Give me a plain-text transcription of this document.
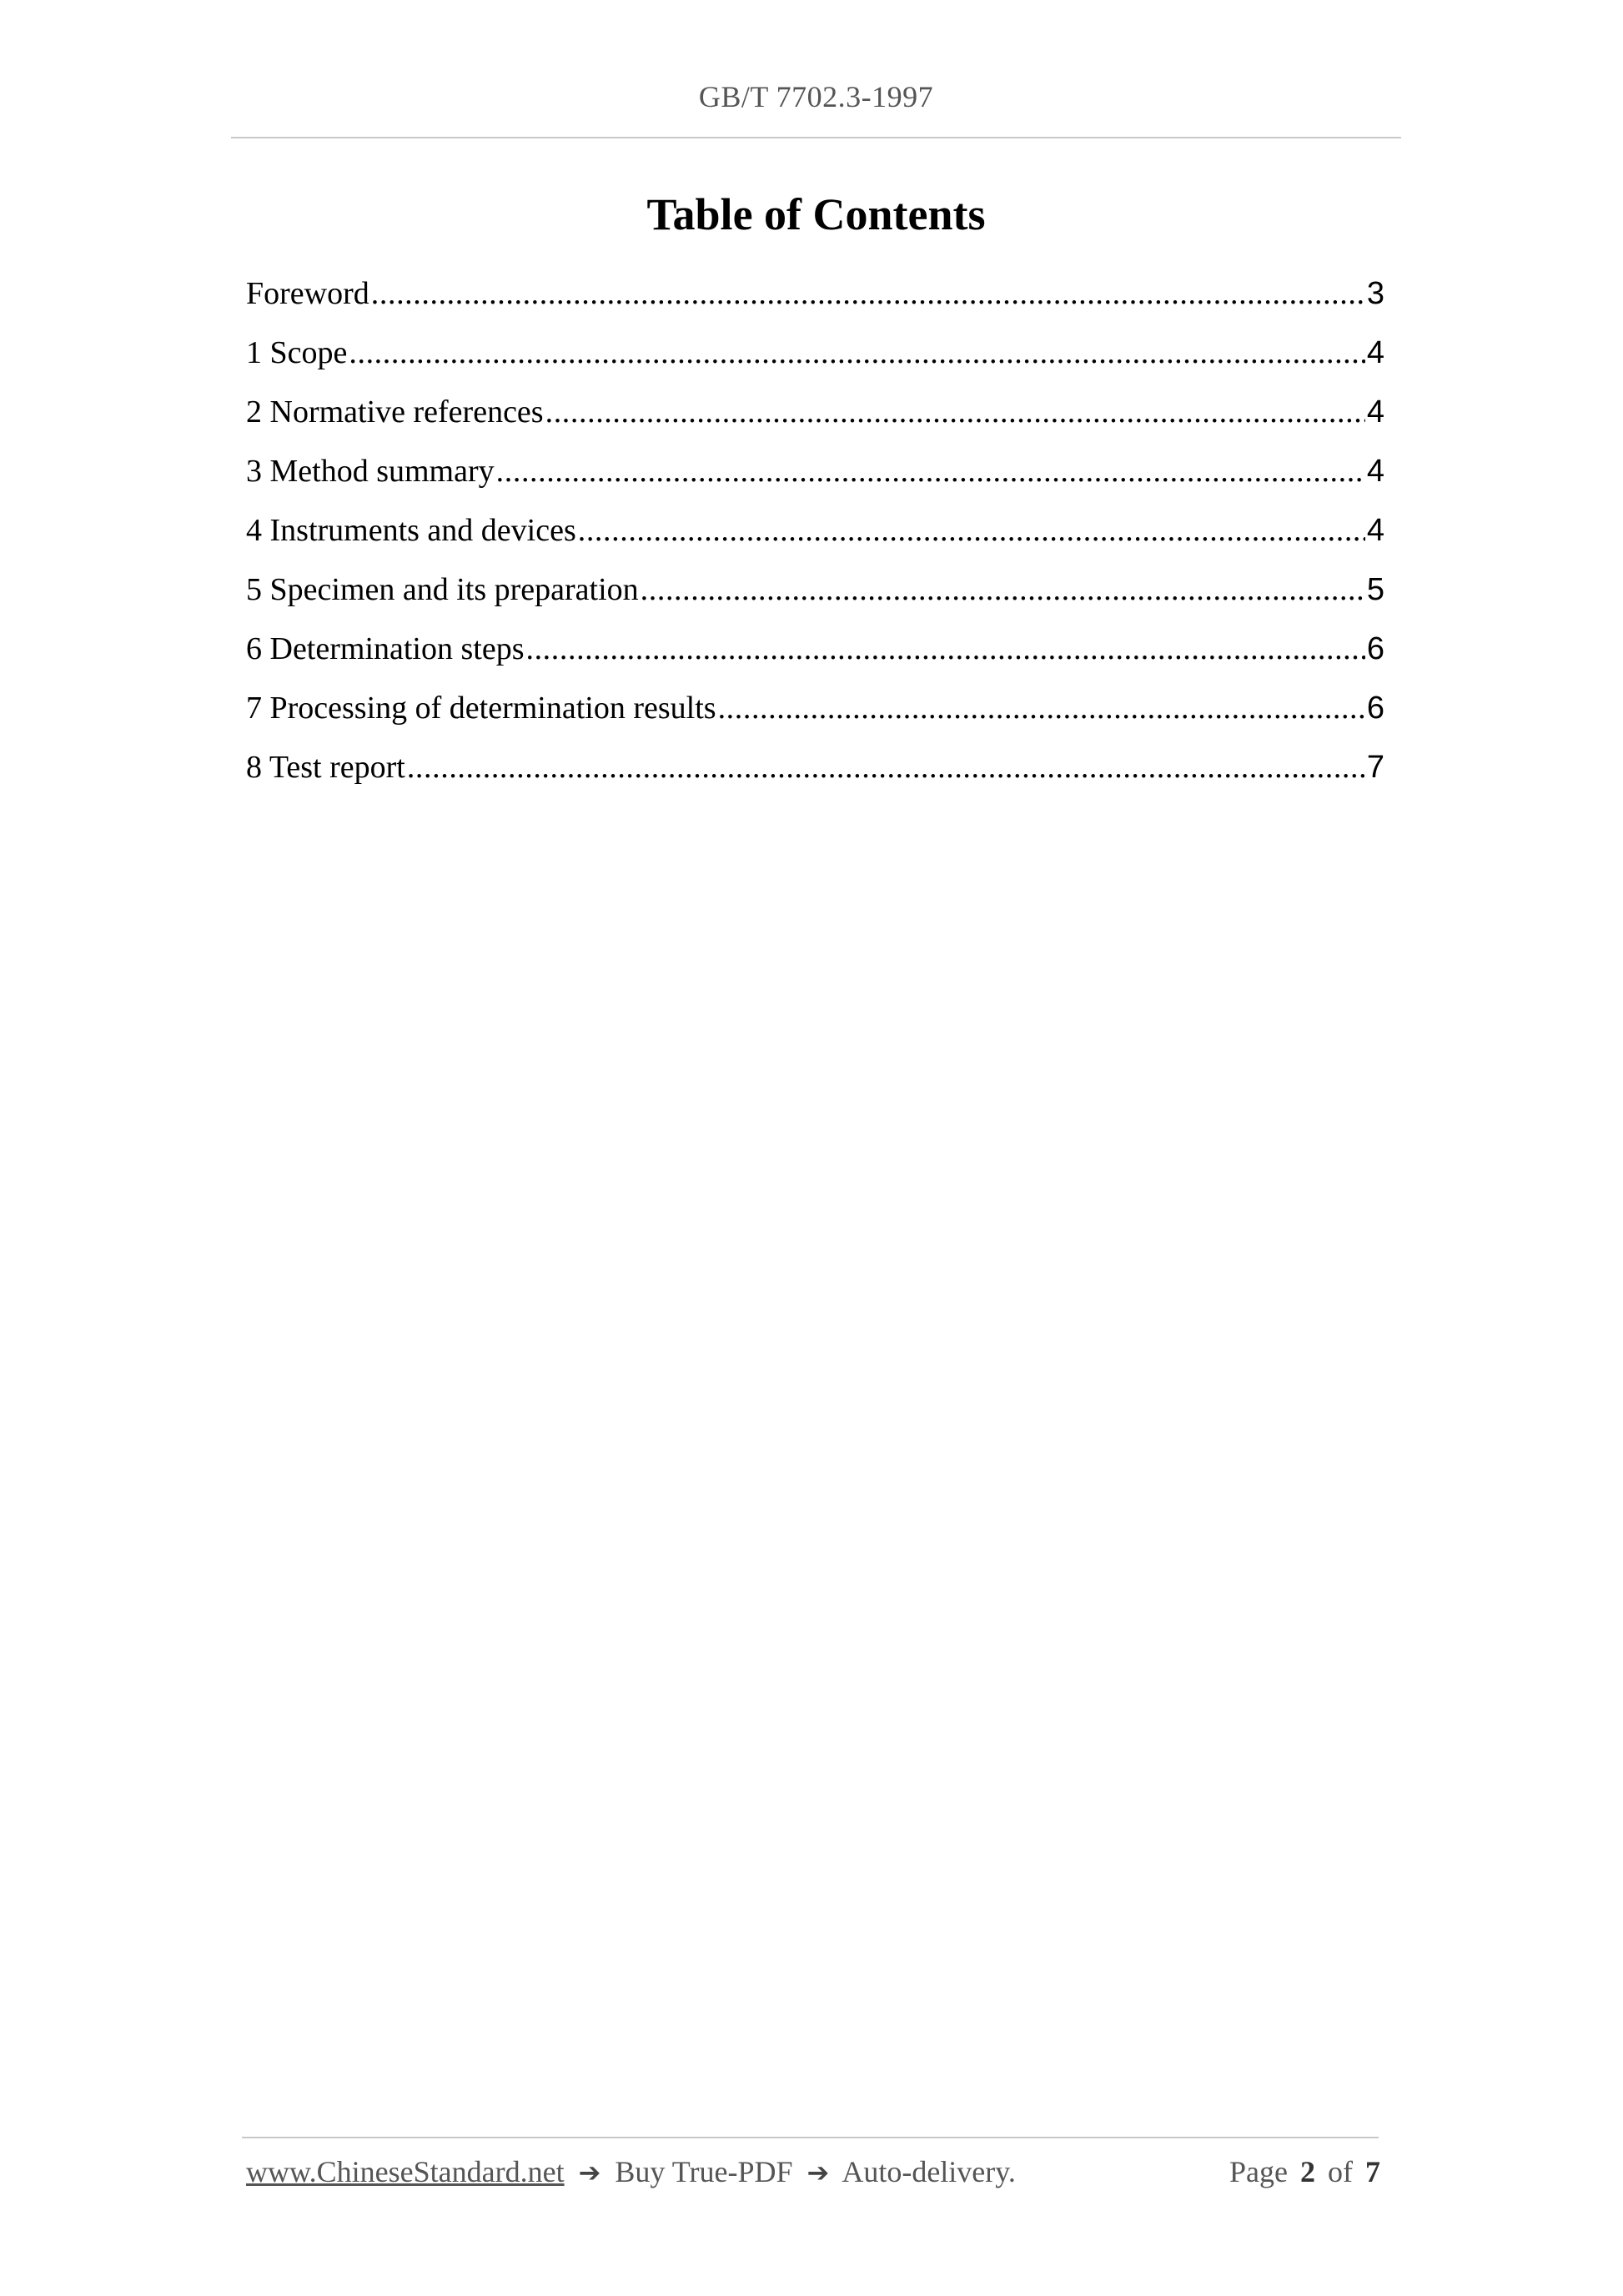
GB/T 7702.3-1997
Table of Contents
Foreword .....	3
1 Scope .....	4
2 Normative references .....	4
3 Method summary .....	4
4 Instruments and devices .....	4
5 Specimen and its preparation .....	5
6 Determination steps .....	6
7 Processing of determination results .....	6
8 Test report .....	7
www.ChineseStandard.net ➔ Buy True-PDF ➔ Auto-delivery.	Page 2 of 7
